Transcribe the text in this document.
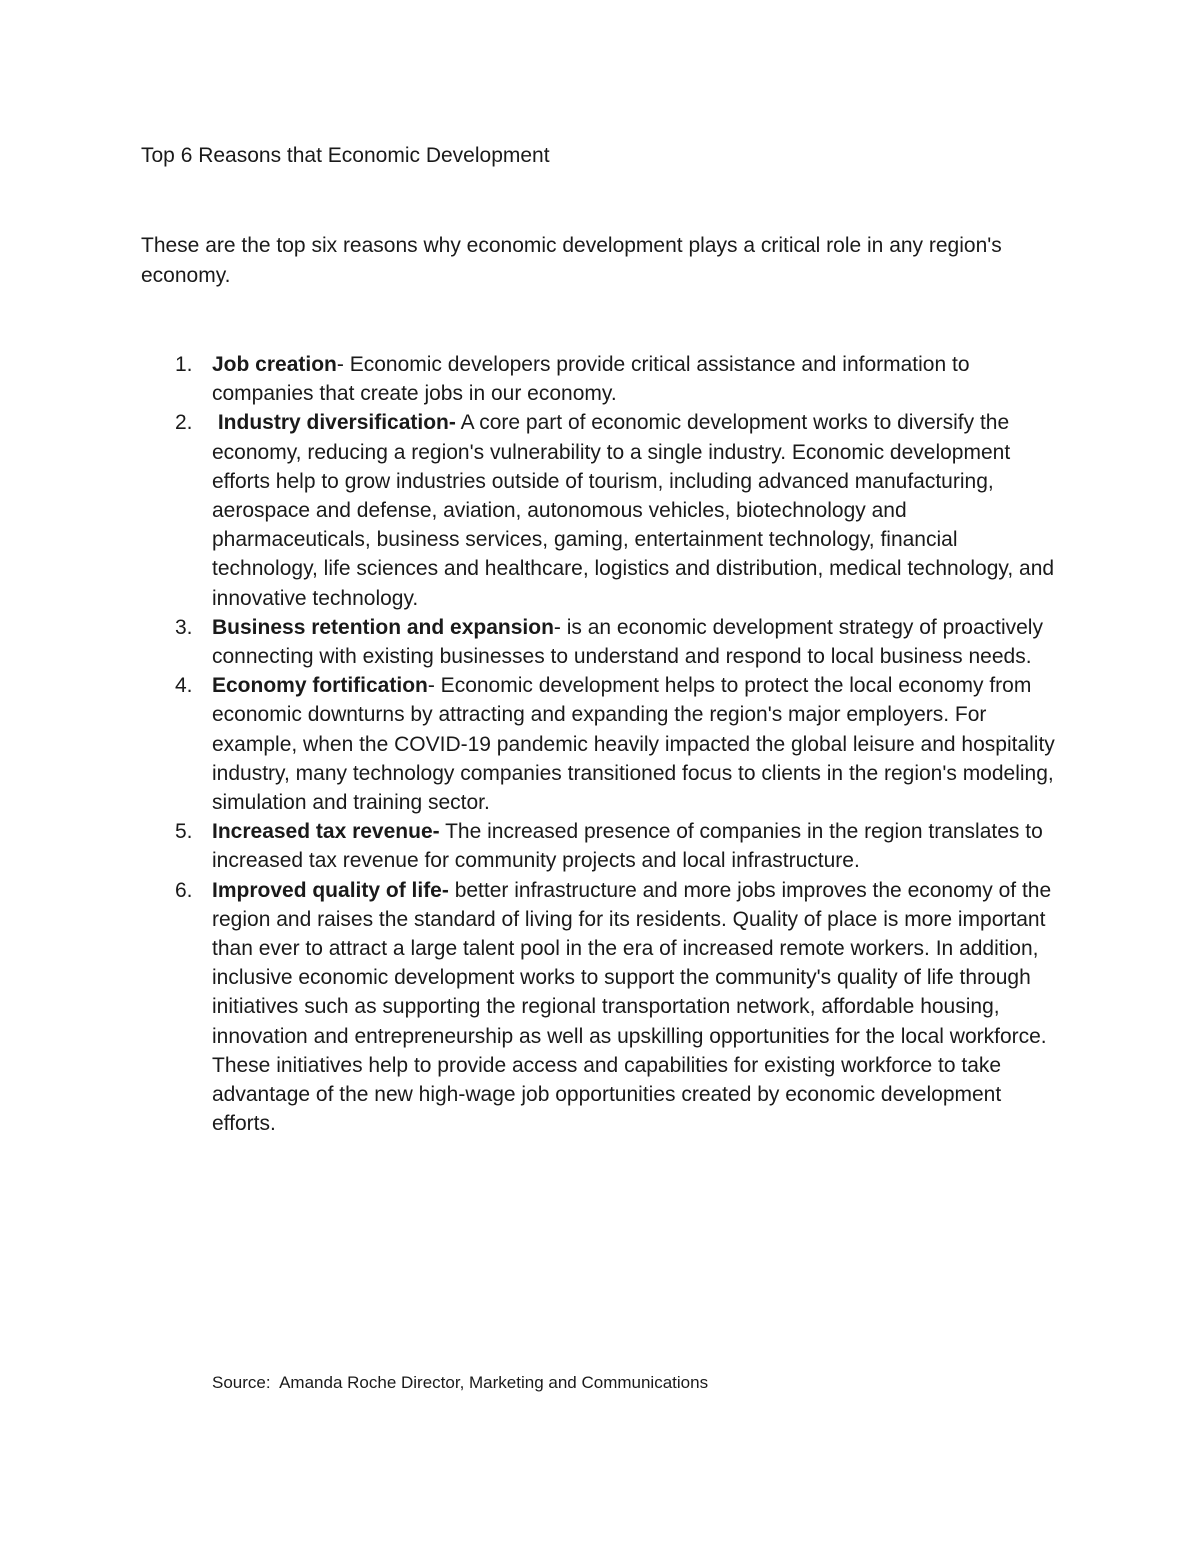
Top 6 Reasons that Economic Development
These are the top six reasons why economic development plays a critical role in any region's economy.
1. Job creation- Economic developers provide critical assistance and information to companies that create jobs in our economy.
2. Industry diversification- A core part of economic development works to diversify the economy, reducing a region's vulnerability to a single industry. Economic development efforts help to grow industries outside of tourism, including advanced manufacturing, aerospace and defense, aviation, autonomous vehicles, biotechnology and pharmaceuticals, business services, gaming, entertainment technology, financial technology, life sciences and healthcare, logistics and distribution, medical technology, and innovative technology.
3. Business retention and expansion- is an economic development strategy of proactively connecting with existing businesses to understand and respond to local business needs.
4. Economy fortification- Economic development helps to protect the local economy from economic downturns by attracting and expanding the region's major employers. For example, when the COVID-19 pandemic heavily impacted the global leisure and hospitality industry, many technology companies transitioned focus to clients in the region's modeling, simulation and training sector.
5. Increased tax revenue- The increased presence of companies in the region translates to increased tax revenue for community projects and local infrastructure.
6. Improved quality of life- better infrastructure and more jobs improves the economy of the region and raises the standard of living for its residents. Quality of place is more important than ever to attract a large talent pool in the era of increased remote workers. In addition, inclusive economic development works to support the community's quality of life through initiatives such as supporting the regional transportation network, affordable housing, innovation and entrepreneurship as well as upskilling opportunities for the local workforce. These initiatives help to provide access and capabilities for existing workforce to take advantage of the new high-wage job opportunities created by economic development efforts.
Source:  Amanda Roche Director, Marketing and Communications
